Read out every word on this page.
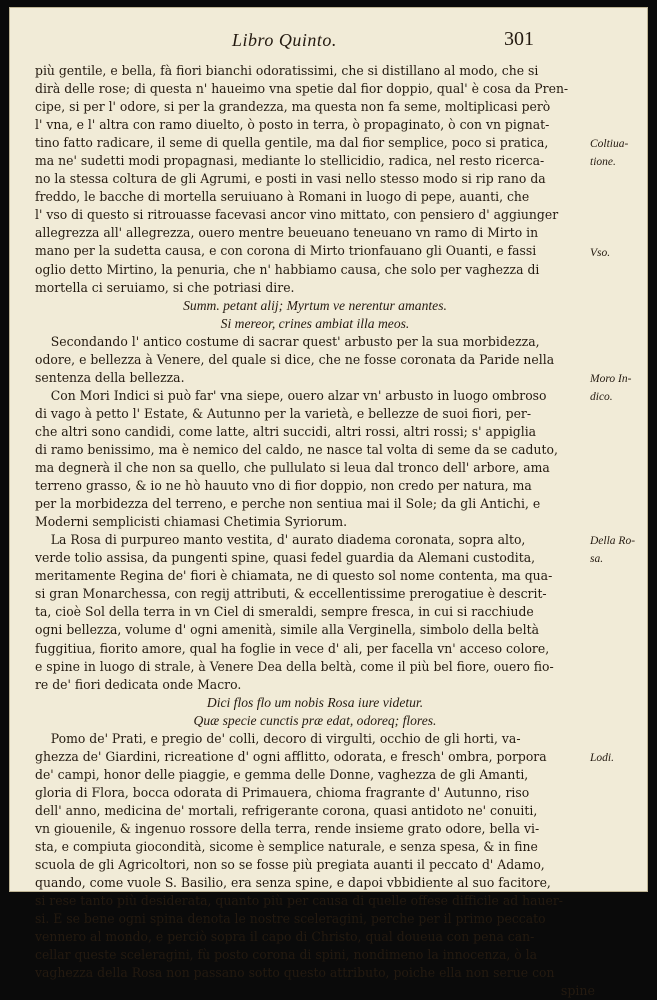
Libro Quinto.	301
più gentile, e bella, fà fiori bianchi odoratissimi, che si distillano al modo, che si
dirà delle rose; di questa n' haueimo vna spetie dal fior doppio, qual' è cosa da Pren-
cipe, si per l' odore, si per la grandezza, ma questa non fa seme, moltiplicasi però
l' vna, e l' altra con ramo diuelto, ò posto in terra, ò propaginato, ò con vn pignat-
tino fatto radicare, il seme di quella gentile, ma dal fior semplice, poco si pratica,
ma ne' sudetti modi propagnasi, mediante lo stellicidio, radica, nel resto ricerca-
no la stessa coltura de gli Agrumi, e posti in vasi nello stesso modo si rip rano da
freddo, le bacche di mortella seruiuano à Romani in luogo di pepe, auanti, che
l' vso di questo si ritrouasse facevasi ancor vino mittato, con pensiero d' aggiunger
allegrezza all' allegrezza, ouero mentre beueuano teneuano vn ramo di Mirto in
mano per la sudetta causa, e con corona di Mirto trionfauano gli Ouanti, e fassi
oglio detto Mirtino, la penuria, che n' habbiamo causa, che solo per vaghezza di
mortella ci seruiamo, si che potriasi dire.
Summ. petant alij; Myrtum ve nerentur amantes.
Si mereor, crines ambiat illa meos.
Secondando l' antico costume di sacrar quest' arbusto per la sua morbidezza,
odore, e bellezza à Venere, del quale si dice, che ne fosse coronata da Paride nella
sentenza della bellezza.
Con Mori Indici si può far' vna siepe, ouero alzar vn' arbusto in luogo ombroso
di vago à petto l' Estate, & Autunno per la varietà, e bellezze de suoi fiori, per-
che altri sono candidi, come latte, altri succidi, altri rossi, altri rossi; s' appiglia
di ramo benissimo, ma è nemico del caldo, ne nasce tal volta di seme da se caduto,
ma degnerà il che non sa quello, che pullulato si leua dal tronco dell' arbore, ama
terreno grasso, & io ne hò hauuto vno di fior doppio, non credo per natura, ma
per la morbidezza del terreno, e perche non sentiua mai il Sole; da gli Antichi, e
Moderni semplicisti chiamasi Chetimia Syriorum.
La Rosa di purpureo manto vestita, d' aurato diadema coronata, sopra alto,
verde tolio assisa, da pungenti spine, quasi fedel guardia da Alemani custodita,
meritamente Regina de' fiori è chiamata, ne di questo sol nome contenta, ma qua-
si gran Monarchessa, con regij attributi, & eccellentissime prerogatiue è descrit-
ta, cioè Sol della terra in vn Ciel di smeraldi, sempre fresca, in cui si racchiude
ogni bellezza, volume d' ogni amenità, simile alla Verginella, simbolo della beltà
fuggitiua, fiorito amore, qual ha foglie in vece d' ali, per facella vn' acceso colore,
e spine in luogo di strale, à Venere Dea della beltà, come il più bel fiore, ouero fio-
re de' fiori dedicata onde Macro.
Dici flos flo um nobis Rosa iure videtur.
Quæ specie cunctis præ edat, odoreq; flores.
Pomo de' Prati, e pregio de' colli, decoro di virgulti, occhio de gli horti, va-
ghezza de' Giardini, ricreatione d' ogni afflitto, odorata, e fresch' ombra, porpora
de' campi, honor delle piaggie, e gemma delle Donne, vaghezza de gli Amanti,
gloria di Flora, bocca odorata di Primauera, chioma fragrante d' Autunno, riso
dell' anno, medicina de' mortali, refrigerante corona, quasi antidoto ne' conuiti,
vn giouenile, & ingenuo rossore della terra, rende insieme grato odore, bella vi-
sta, e compiuta giocondità, sicome è semplice naturale, e senza spesa, & in fine
scuola de gli Agricoltori, non so se fosse più pregiata auanti il peccato d' Adamo,
quando, come vuole S. Basilio, era senza spine, e dapoi vbbidiente al suo facitore,
si rese tanto più desiderata, quanto più per causa di quelle offese difficile ad hauer-
si. E se bene ogni spina denota le nostre sceleragini, perche per il primo peccato
vennero al mondo, e perciò sopra il capo di Christo, qual doueua con pena can-
cellar queste sceleragini, fù posto corona di spini, nondimeno la innocenza, ò la
vaghezza della Rosa non passano sotto questo attributo, poiche ella non serue con
spine
Coltiua-
tione.
Vso.
Moro In-
dico.
Della Ro-
sa.
Lodi.
